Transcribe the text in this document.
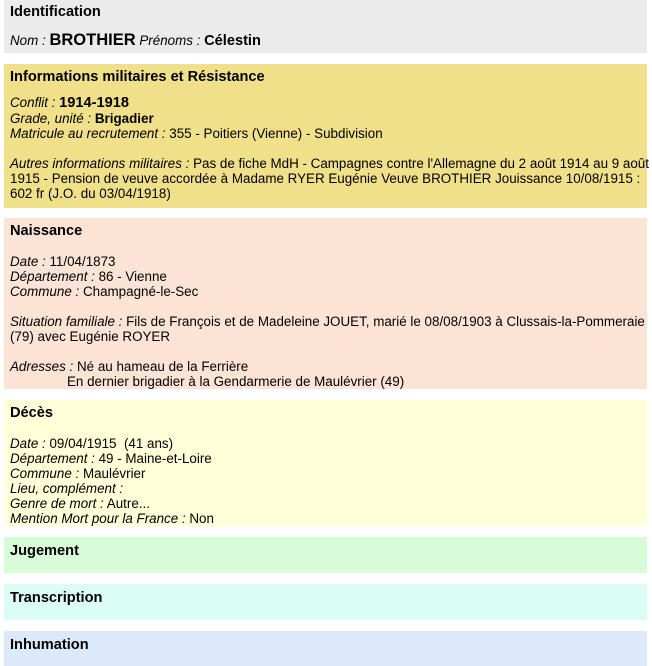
Identification
Nom : BROTHIER Prénoms : Célestin
Informations militaires et Résistance
Conflit : 1914-1918
Grade, unité : Brigadier
Matricule au recrutement : 355 - Poitiers (Vienne) - Subdivision
Autres informations militaires : Pas de fiche MdH - Campagnes contre l'Allemagne du 2 août 1914 au 9 août
1915 - Pension de veuve accordée à Madame RYER Eugénie Veuve BROTHIER Jouissance 10/08/1915 :
602 fr (J.O. du 03/04/1918)
Naissance
Date : 11/04/1873
Département : 86 - Vienne
Commune : Champagné-le-Sec
Situation familiale : Fils de François et de Madeleine JOUET, marié le 08/08/1903 à Clussais-la-Pommeraie
(79) avec Eugénie ROYER
Adresses : Né au hameau de la Ferrière
En dernier brigadier à la Gendarmerie de Maulévrier (49)
Décès
Date : 09/04/1915 (41 ans)
Département : 49 - Maine-et-Loire
Commune : Maulévrier
Lieu, complément :
Genre de mort : Autre...
Mention Mort pour la France : Non
Jugement
Transcription
Inhumation
